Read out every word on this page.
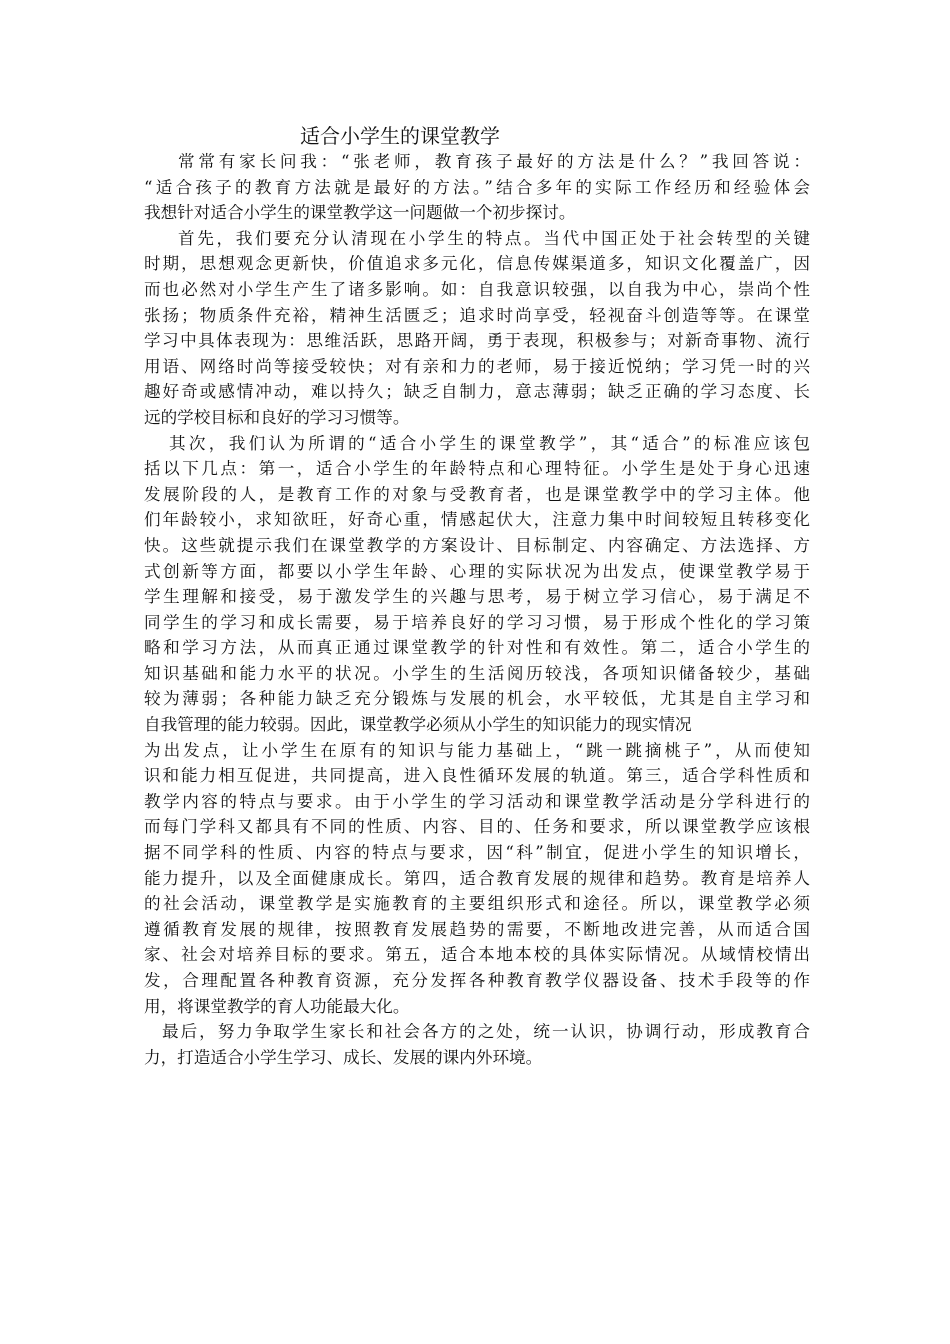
适合小学生的课堂教学
常常有家长问我：“张老师，教育孩子最好的方法是什么？”我回答说：
“适合孩子的教育方法就是最好的方法。”结合多年的实际工作经历和经验体会
我想针对适合小学生的课堂教学这一问题做一个初步探讨。
首先，我们要充分认清现在小学生的特点。当代中国正处于社会转型的关键
时期，思想观念更新快，价值追求多元化，信息传媒渠道多，知识文化覆盖广，因
而也必然对小学生产生了诸多影响。如：自我意识较强，以自我为中心，崇尚个性
张扬；物质条件充裕，精神生活匮乏；追求时尚享受，轻视奋斗创造等等。在课堂
学习中具体表现为：思维活跃，思路开阔，勇于表现，积极参与；对新奇事物、流行
用语、网络时尚等接受较快；对有亲和力的老师，易于接近悦纳；学习凭一时的兴
趣好奇或感情冲动，难以持久；缺乏自制力，意志薄弱；缺乏正确的学习态度、长
远的学校目标和良好的学习习惯等。
其次，我们认为所谓的“适合小学生的课堂教学”，其“适合”的标准应该包
括以下几点：第一，适合小学生的年龄特点和心理特征。小学生是处于身心迅速
发展阶段的人，是教育工作的对象与受教育者，也是课堂教学中的学习主体。他
们年龄较小，求知欲旺，好奇心重，情感起伏大，注意力集中时间较短且转移变化
快。这些就提示我们在课堂教学的方案设计、目标制定、内容确定、方法选择、方
式创新等方面，都要以小学生年龄、心理的实际状况为出发点，使课堂教学易于
学生理解和接受，易于激发学生的兴趣与思考，易于树立学习信心，易于满足不
同学生的学习和成长需要，易于培养良好的学习习惯，易于形成个性化的学习策
略和学习方法，从而真正通过课堂教学的针对性和有效性。第二，适合小学生的
知识基础和能力水平的状况。小学生的生活阅历较浅，各项知识储备较少，基础
较为薄弱；各种能力缺乏充分锻炼与发展的机会，水平较低，尤其是自主学习和
自我管理的能力较弱。因此，课堂教学必须从小学生的知识能力的现实情况
为出发点，让小学生在原有的知识与能力基础上，“跳一跳摘桃子”，从而使知
识和能力相互促进，共同提高，进入良性循环发展的轨道。第三，适合学科性质和
教学内容的特点与要求。由于小学生的学习活动和课堂教学活动是分学科进行的
而每门学科又都具有不同的性质、内容、目的、任务和要求，所以课堂教学应该根
据不同学科的性质、内容的特点与要求，因“科”制宜，促进小学生的知识增长，
能力提升，以及全面健康成长。第四，适合教育发展的规律和趋势。教育是培养人
的社会活动，课堂教学是实施教育的主要组织形式和途径。所以，课堂教学必须
遵循教育发展的规律，按照教育发展趋势的需要，不断地改进完善，从而适合国
家、社会对培养目标的要求。第五，适合本地本校的具体实际情况。从域情校情出
发，合理配置各种教育资源，充分发挥各种教育教学仪器设备、技术手段等的作
用，将课堂教学的育人功能最大化。
最后，努力争取学生家长和社会各方的之处，统一认识，协调行动，形成教育合
力，打造适合小学生学习、成长、发展的课内外环境。
